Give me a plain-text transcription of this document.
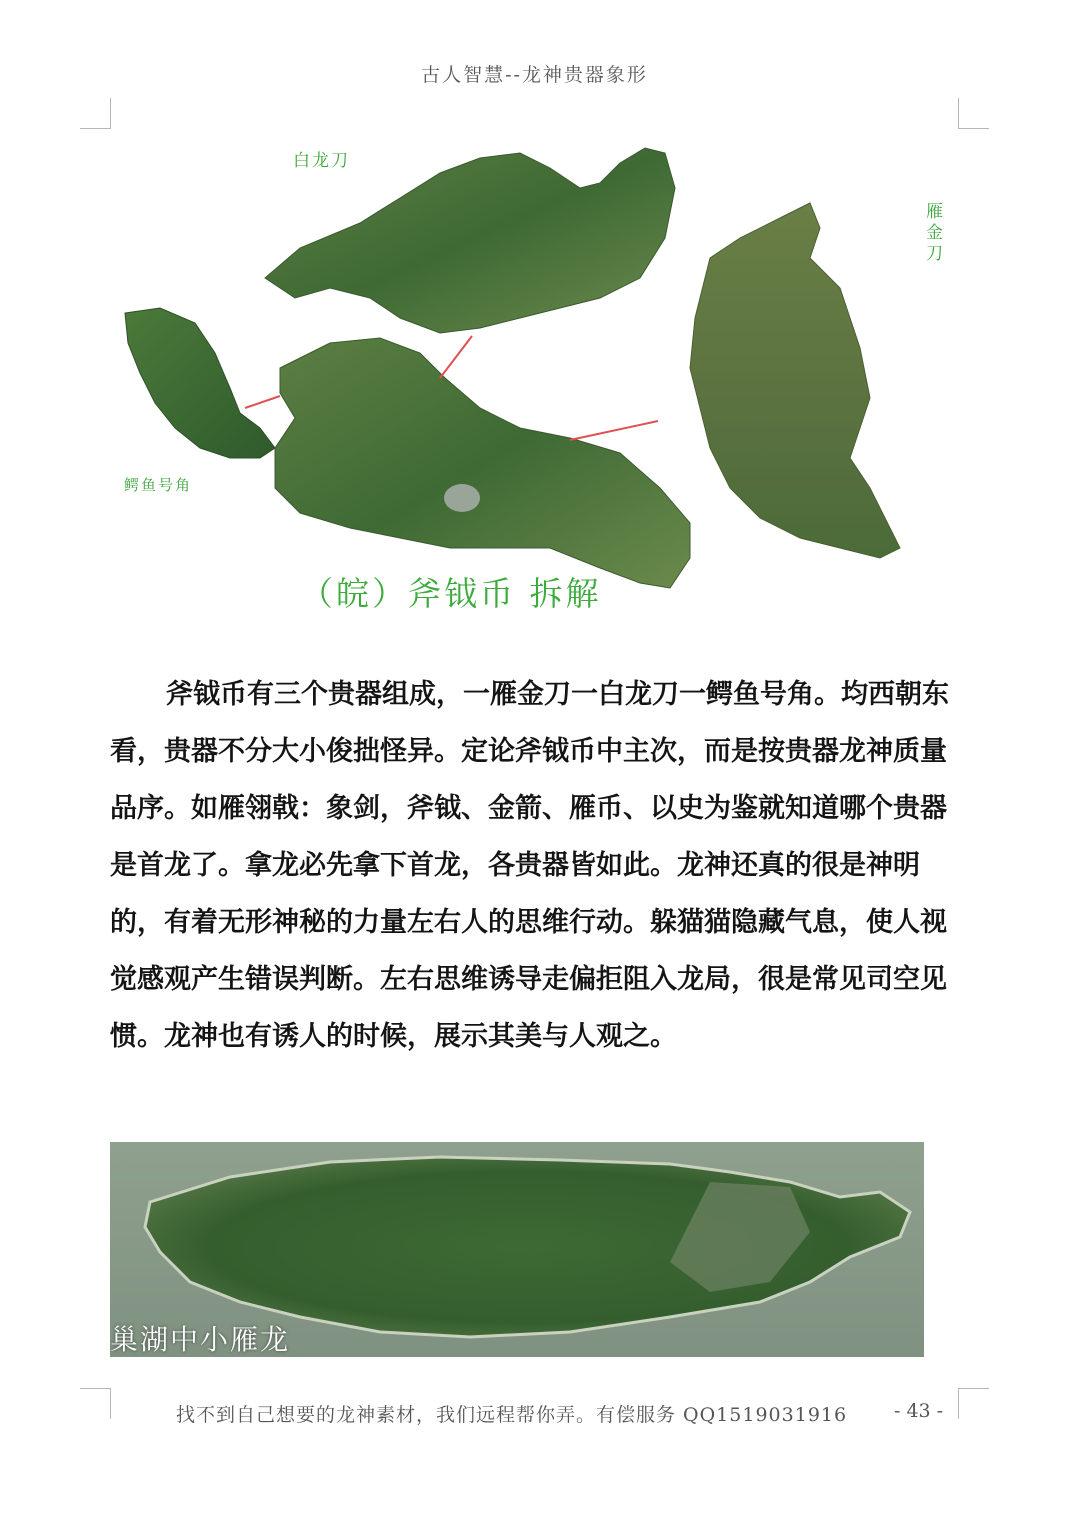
古人智慧--龙神贵器象形
白龙刀
鳄鱼号角
雁金刀
（皖）斧钺币 拆解
斧钺币有三个贵器组成，一雁金刀一白龙刀一鳄鱼号角。均西朝东看，贵器不分大小俊拙怪异。定论斧钺币中主次，而是按贵器龙神质量品序。如雁翎戟：象剑，斧钺、金箭、雁币、以史为鉴就知道哪个贵器是首龙了。拿龙必先拿下首龙，各贵器皆如此。龙神还真的很是神明的，有着无形神秘的力量左右人的思维行动。躲猫猫隐藏气息，使人视觉感观产生错误判断。左右思维诱导走偏拒阻入龙局，很是常见司空见惯。龙神也有诱人的时候，展示其美与人观之。
巢湖中小雁龙
找不到自己想要的龙神素材，我们远程帮你弄。有偿服务 QQ1519031916 - 43 -
